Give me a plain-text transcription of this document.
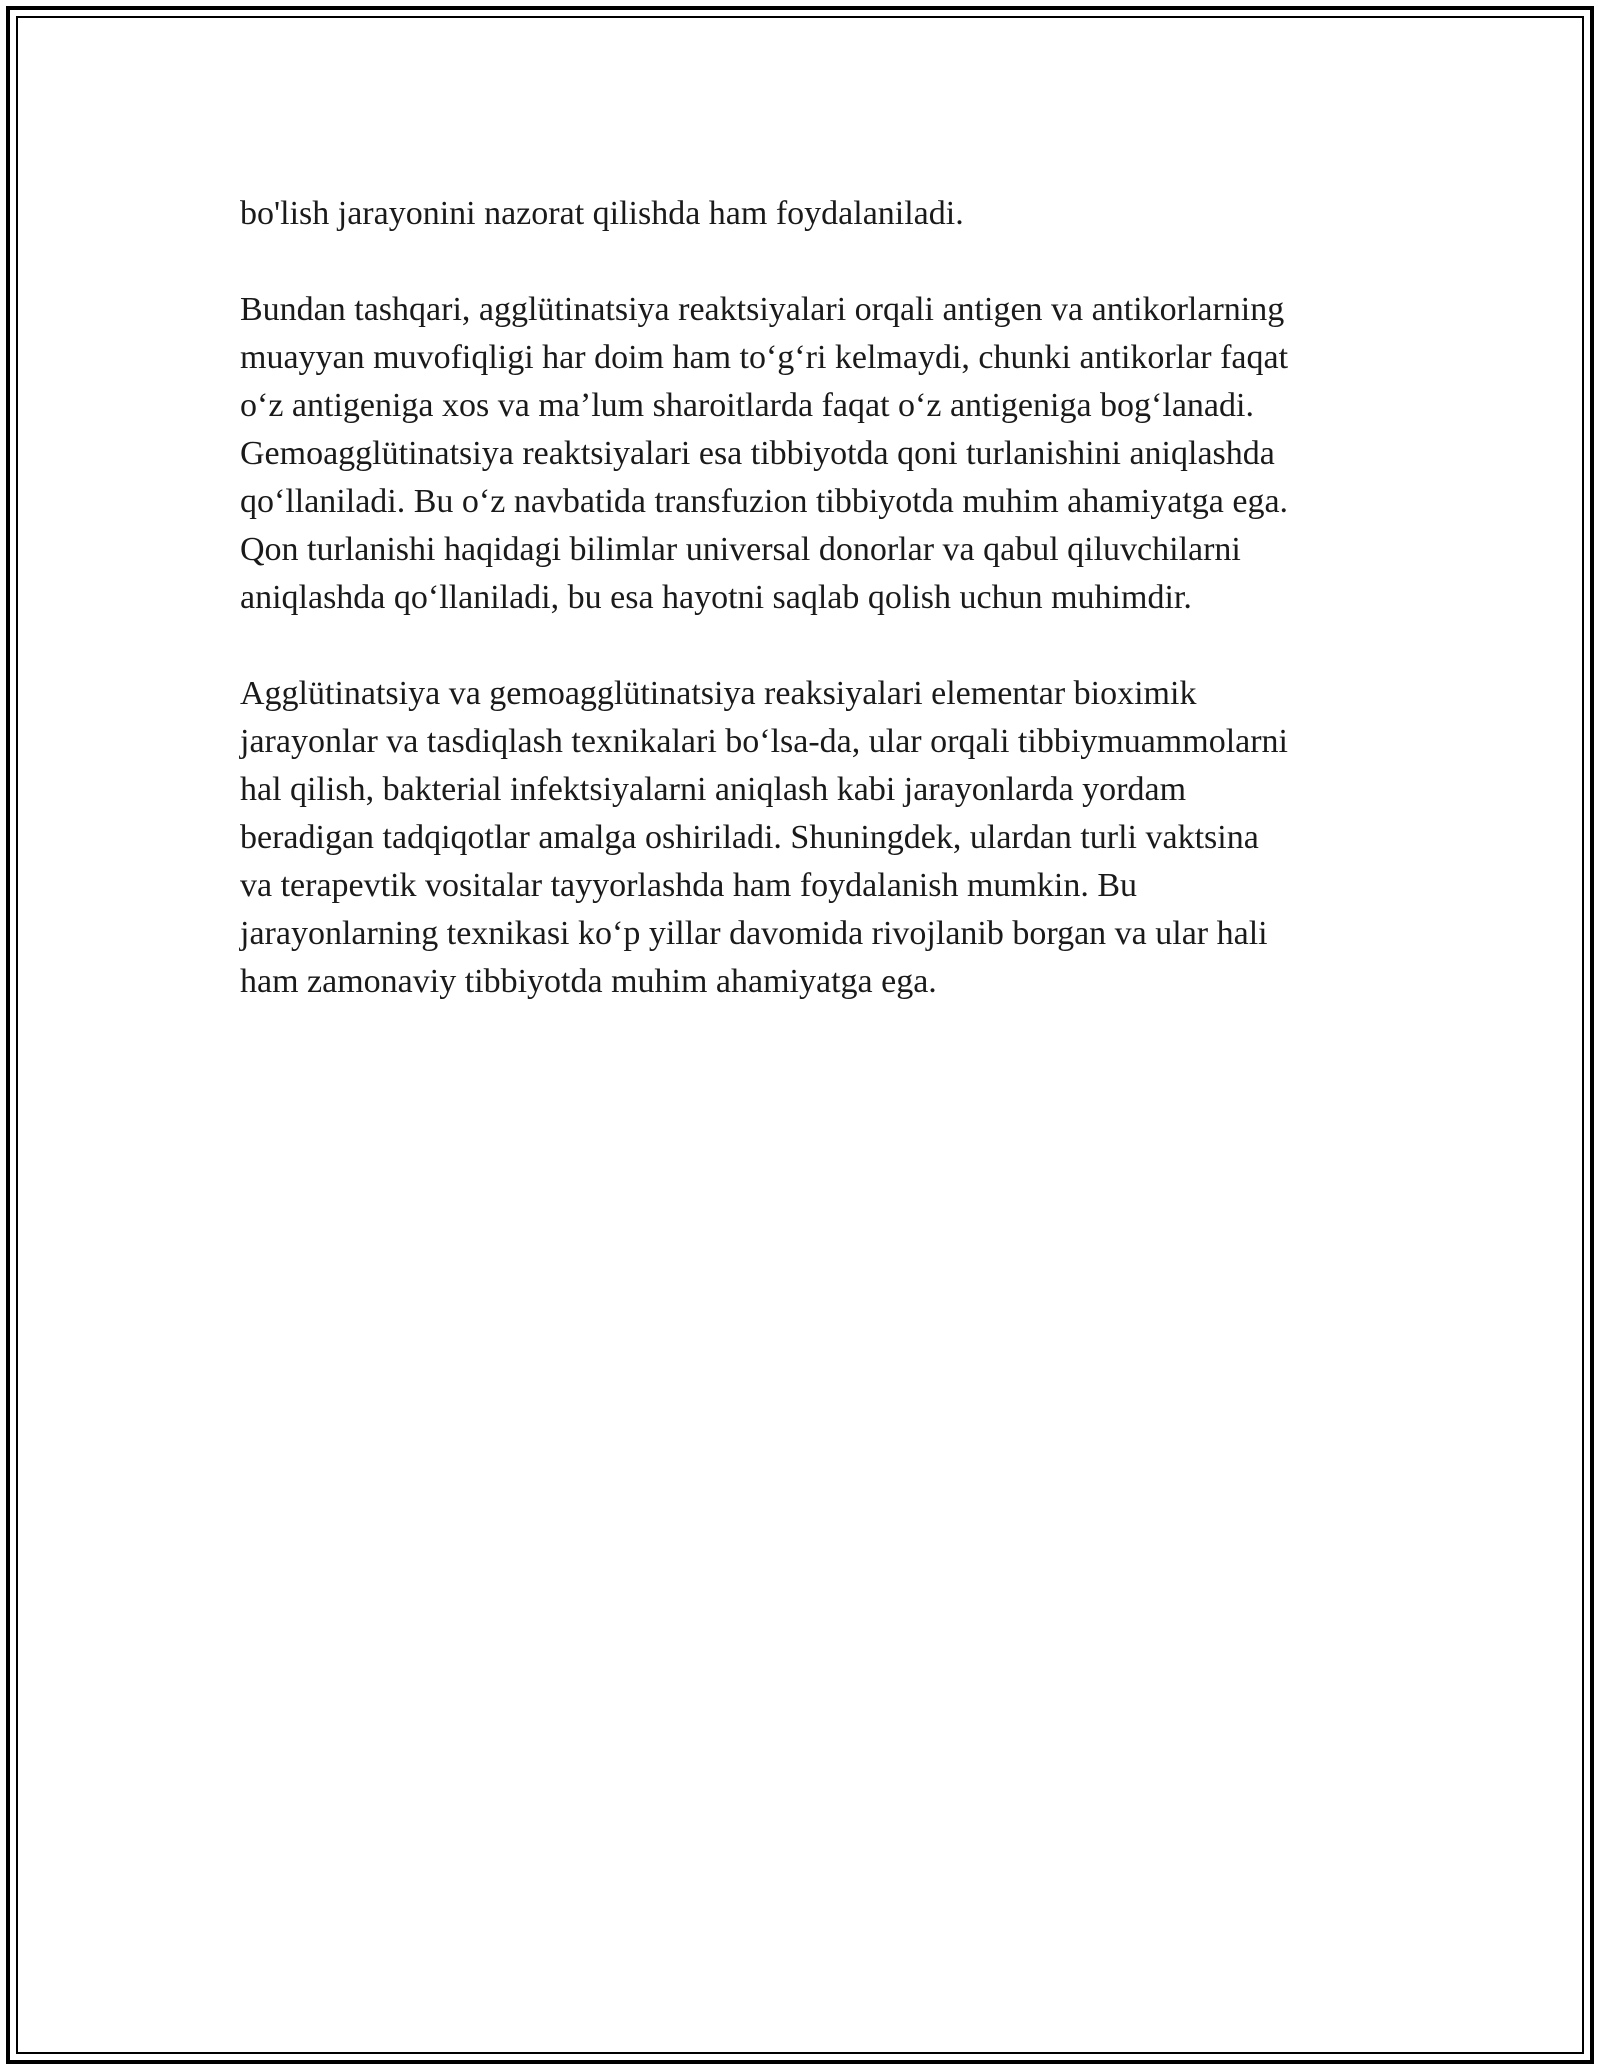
bo'lish jarayonini nazorat qilishda ham foydalaniladi.

Bundan tashqari, agglütinatsiya reaktsiyalari orqali antigen va antikorlarning
muayyan muvofiqligi har doim ham toʻgʻri kelmaydi, chunki antikorlar faqat
oʻz antigeniga xos va maʼlum sharoitlarda faqat oʻz antigeniga bogʻlanadi.
Gemoagglütinatsiya reaktsiyalari esa tibbiyotda qoni turlanishini aniqlashda
qoʻllaniladi. Bu oʻz navbatida transfuzion tibbiyotda muhim ahamiyatga ega.
Qon turlanishi haqidagi bilimlar universal donorlar va qabul qiluvchilarni
aniqlashda qoʻllaniladi, bu esa hayotni saqlab qolish uchun muhimdir.

Agglütinatsiya va gemoagglütinatsiya reaksiyalari elementar bioximik
jarayonlar va tasdiqlash texnikalari boʻlsa-da, ular orqali tibbiymuammolarni
hal qilish, bakterial infektsiyalarni aniqlash kabi jarayonlarda yordam
beradigan tadqiqotlar amalga oshiriladi. Shuningdek, ulardan turli vaktsina
va terapevtik vositalar tayyorlashda ham foydalanish mumkin. Bu
jarayonlarning texnikasi koʻp yillar davomida rivojlanib borgan va ular hali
ham zamonaviy tibbiyotda muhim ahamiyatga ega.
